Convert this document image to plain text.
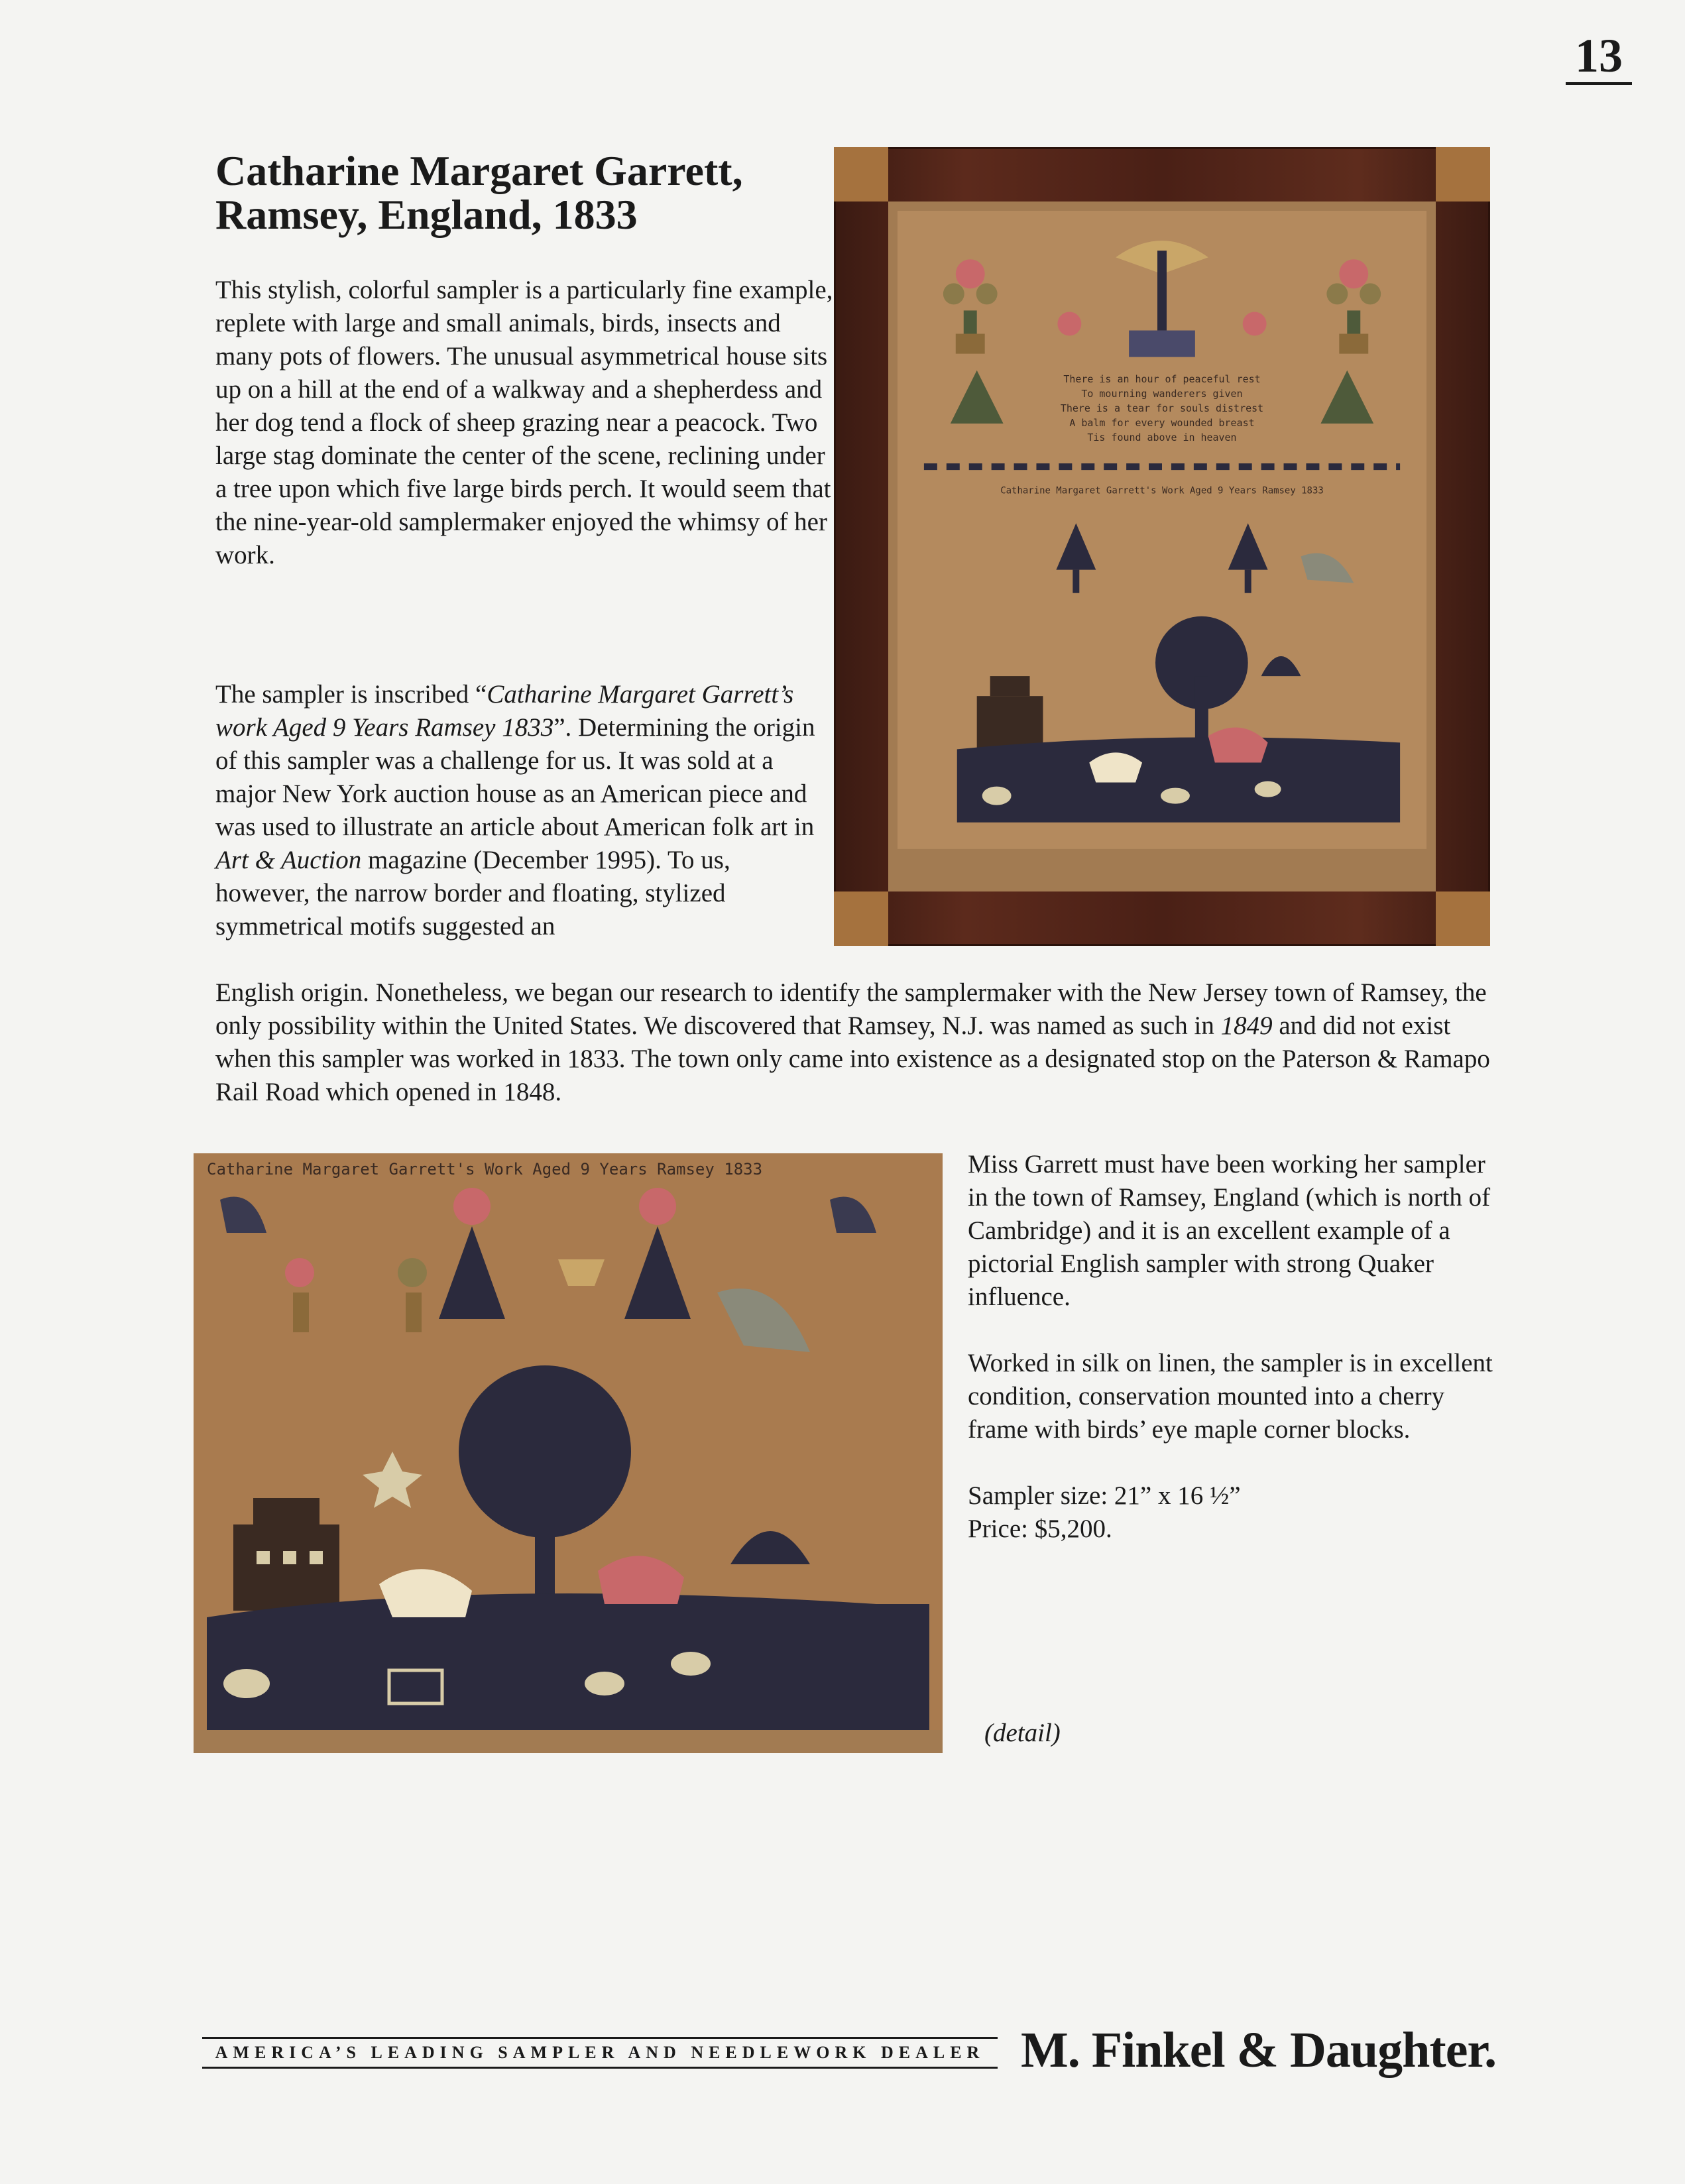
13
Catharine Margaret Garrett,
Ramsey, England, 1833

This stylish, colorful sampler is a particularly fine example, replete with large and small animals, birds, insects and many pots of flowers. The unusual asymmetrical house sits up on a hill at the end of a walkway and a shepherdess and her dog tend a flock of sheep grazing near a peacock. Two large stag dominate the center of the scene, reclining under a tree upon which five large birds perch. It would seem that the nine-year-old samplermaker enjoyed the whimsy of her work.

The sampler is inscribed “Catharine Margaret Garrett’s work Aged 9 Years Ramsey 1833”. Determining the origin of this sampler was a challenge for us. It was sold at a major New York auction house as an American piece and was used to illustrate an article about American folk art in Art & Auction magazine (December 1995). To us, however, the narrow border and floating, stylized symmetrical motifs suggested an

English origin. Nonetheless, we began our research to identify the samplermaker with the New Jersey town of Ramsey, the only possibility within the United States. We discovered that Ramsey, N.J. was named as such in 1849 and did not exist when this sampler was worked in 1833. The town only came into existence as a designated stop on the Paterson & Ramapo Rail Road which opened in 1848.

There is an hour of peaceful rest
To mourning wanderers given
There is a tear for souls distrest
A balm for every wounded breast
Tis found above in heaven
Catharine Margaret Garrett's Work Aged 9 Years Ramsey 1833
Catharine Margaret Garrett's Work Aged 9 Years Ramsey 1833	Miss Garrett must have been working her sampler in the town of Ramsey, England (which is north of Cambridge) and it is an excellent example of a pictorial English sampler with strong Quaker influence.

Worked in silk on linen, the sampler is in excellent condition, conservation mounted into a cherry frame with birds’ eye maple corner blocks.

Sampler size: 21” x 16 ½”
Price: $5,200.
(detail)
AMERICA’S LEADING SAMPLER AND NEEDLEWORK DEALER M. Finkel & Daughter.
